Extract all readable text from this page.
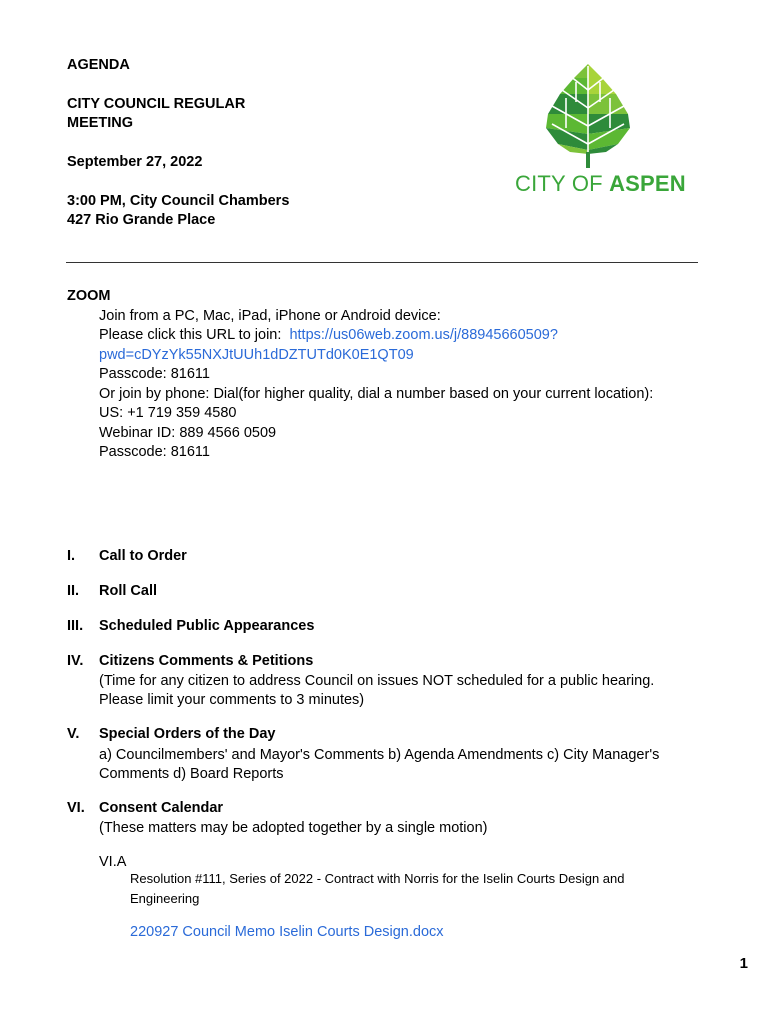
AGENDA
CITY COUNCIL REGULAR
MEETING
September 27, 2022
3:00 PM, City Council Chambers
427 Rio Grande Place
CITY OF ASPEN
ZOOM
Join from a PC, Mac, iPad, iPhone or Android device:
Please click this URL to join:  https://us06web.zoom.us/j/88945660509?
pwd=cDYzYk55NXJtUUh1dDZTUTd0K0E1QT09
Passcode: 81611
Or join by phone: Dial(for higher quality, dial a number based on your current location):
US: +1 719 359 4580
Webinar ID: 889 4566 0509
Passcode: 81611
I. Call to Order
II. Roll Call
III. Scheduled Public Appearances
IV. Citizens Comments & Petitions
(Time for any citizen to address Council on issues NOT scheduled for a public hearing.
Please limit your comments to 3 minutes)
V. Special Orders of the Day
a) Councilmembers' and Mayor's Comments b) Agenda Amendments c) City Manager's
Comments d) Board Reports
VI. Consent Calendar
(These matters may be adopted together by a single motion)
VI.A
Resolution #111, Series of 2022 - Contract with Norris for the Iselin Courts Design and
Engineering
220927 Council Memo Iselin Courts Design.docx
1
